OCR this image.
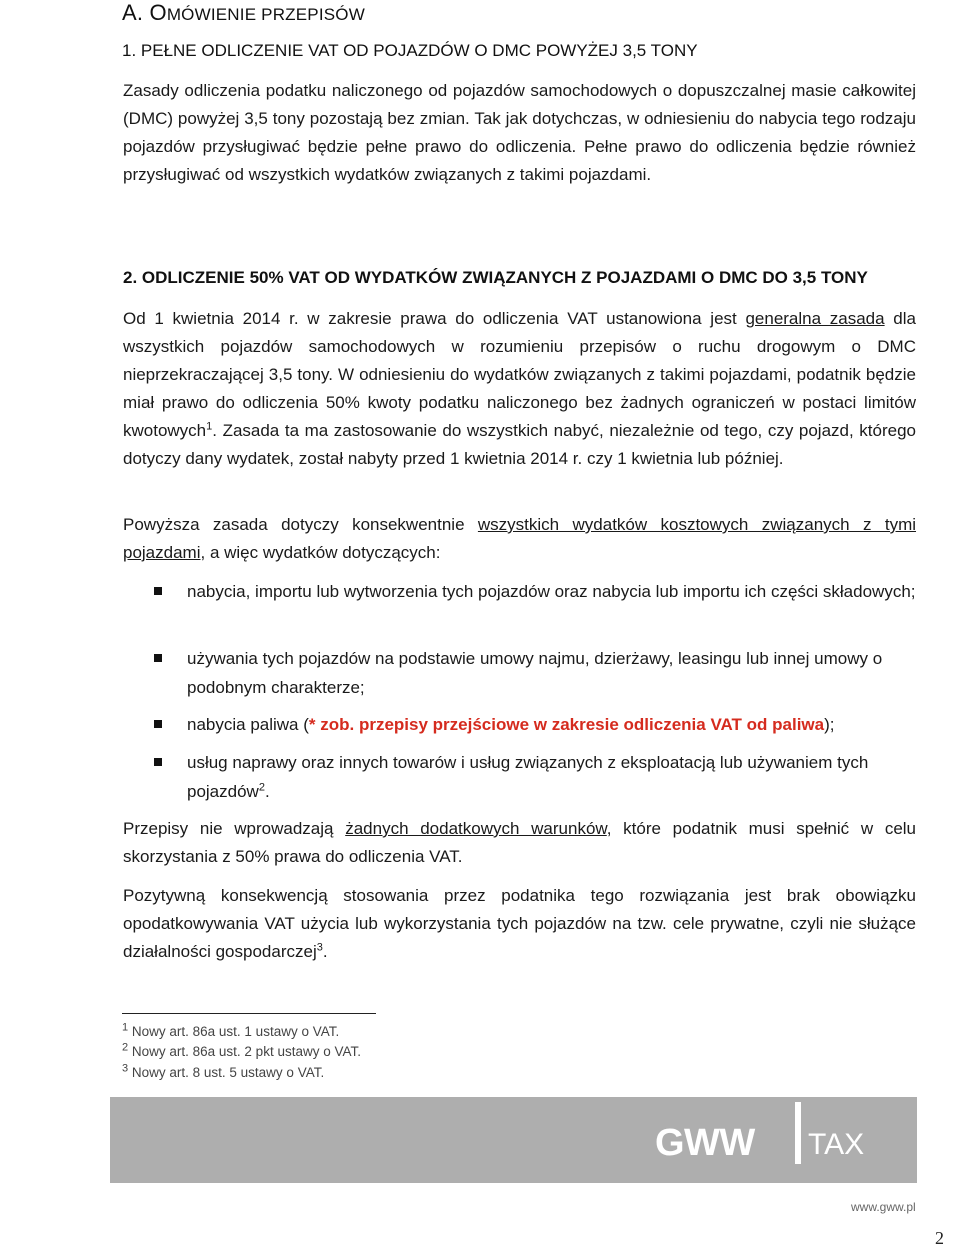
A. OMÓWIENIE PRZEPISÓW
1. PEŁNE ODLICZENIE VAT OD POJAZDÓW O DMC POWYŻEJ 3,5 TONY
Zasady odliczenia podatku naliczonego od pojazdów samochodowych o dopuszczalnej masie całkowitej (DMC) powyżej 3,5 tony pozostają bez zmian. Tak jak dotychczas, w odniesieniu do nabycia tego rodzaju pojazdów przysługiwać będzie pełne prawo do odliczenia. Pełne prawo do odliczenia będzie również przysługiwać od wszystkich wydatków związanych z takimi pojazdami.
2. ODLICZENIE 50% VAT OD WYDATKÓW ZWIĄZANYCH Z POJAZDAMI O DMC DO 3,5 TONY
Od 1 kwietnia 2014 r. w zakresie prawa do odliczenia VAT ustanowiona jest generalna zasada dla wszystkich pojazdów samochodowych w rozumieniu przepisów o ruchu drogowym o DMC nieprzekraczającej 3,5 tony. W odniesieniu do wydatków związanych z takimi pojazdami, podatnik będzie miał prawo do odliczenia 50% kwoty podatku naliczonego bez żadnych ograniczeń w postaci limitów kwotowych$^1$. Zasada ta ma zastosowanie do wszystkich nabyć, niezależnie od tego, czy pojazd, którego dotyczy dany wydatek, został nabyty przed 1 kwietnia 2014 r. czy 1 kwietnia lub później.
Powyższa zasada dotyczy konsekwentnie wszystkich wydatków kosztowych związanych z tymi pojazdami, a więc wydatków dotyczących:
nabycia, importu lub wytworzenia tych pojazdów oraz nabycia lub importu ich części składowych;
używania tych pojazdów na podstawie umowy najmu, dzierżawy, leasingu lub innej umowy o podobnym charakterze;
nabycia paliwa (* zob. przepisy przejściowe w zakresie odliczenia VAT od paliwa);
usług naprawy oraz innych towarów i usług związanych z eksploatacją lub używaniem tych pojazdów$^2$.
Przepisy nie wprowadzają żadnych dodatkowych warunków, które podatnik musi spełnić w celu skorzystania z 50% prawa do odliczenia VAT.
Pozytywną konsekwencją stosowania przez podatnika tego rozwiązania jest brak obowiązku opodatkowywania VAT użycia lub wykorzystania tych pojazdów na tzw. cele prywatne, czyli nie służące działalności gospodarczej$^3$.
$^1$ Nowy art. 86a ust. 1 ustawy o VAT.
$^2$ Nowy art. 86a ust. 2 pkt ustawy o VAT.
$^3$ Nowy art. 8 ust. 5 ustawy o VAT.
GWW TAX
www.gww.pl
2
